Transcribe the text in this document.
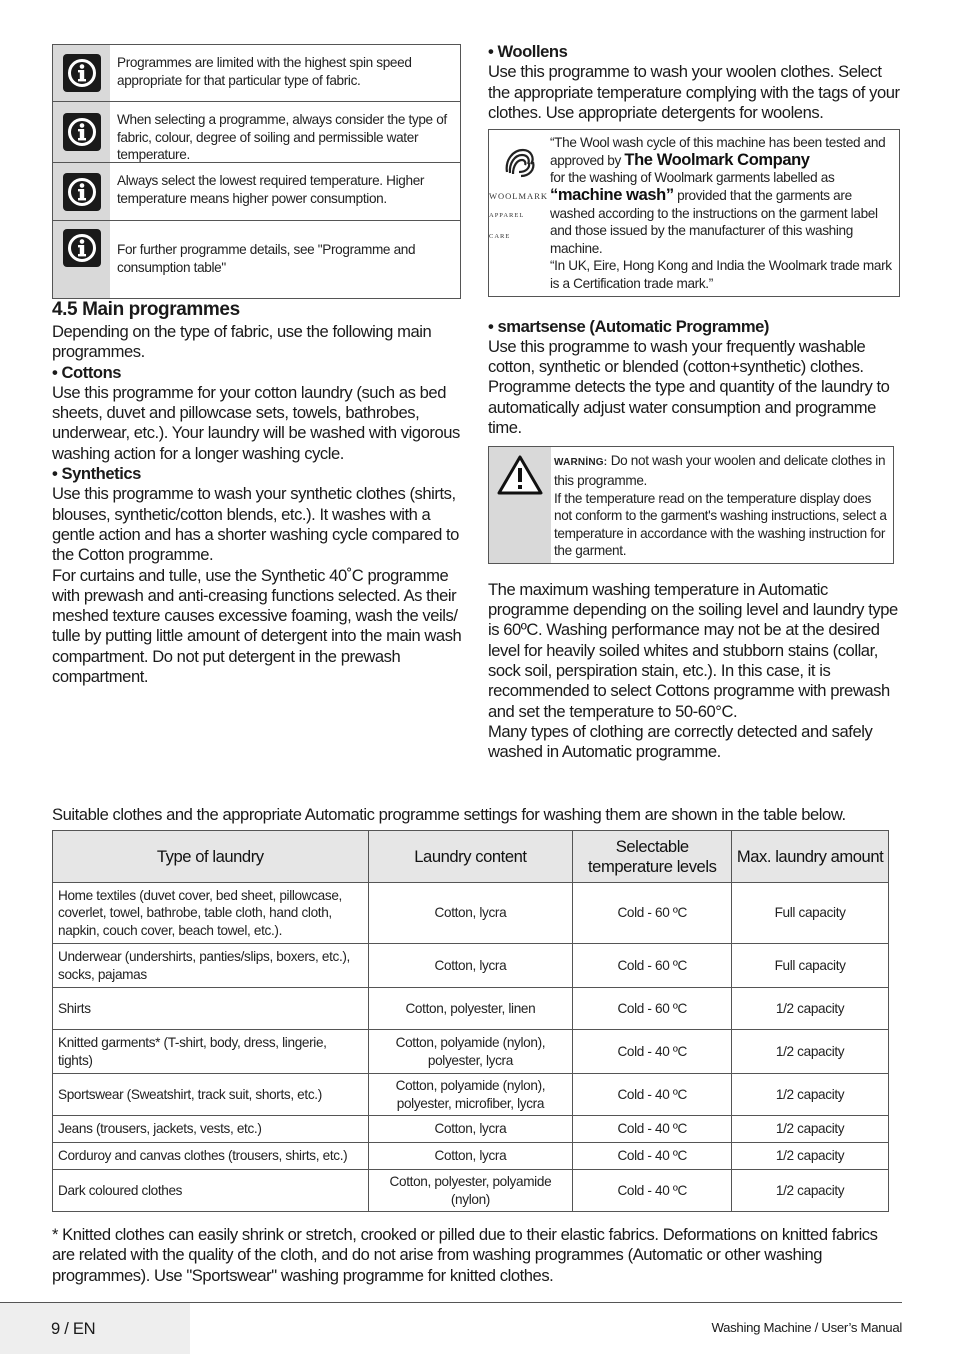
Programmes are limited with the highest spin speed appropriate for that particular type of fabric.
When selecting a programme, always consider the type of fabric, colour, degree of soiling and permissible water temperature.
Always select the lowest required temperature. Higher temperature means higher power consumption.
For further programme details, see "Programme and consumption table"
4.5 Main programmes

Depending on the type of fabric, use the following main programmes.

• Cottons

Use this programme for your cotton laundry (such as bed sheets, duvet and pillowcase sets, towels, bathrobes, underwear, etc.). Your laundry will be washed with vigorous washing action for a longer washing cycle.

• Synthetics

Use this programme to wash your synthetic clothes (shirts, blouses, synthetic/cotton blends, etc.). It washes with a gentle action and has a shorter washing cycle compared to the Cotton programme.

For curtains and tulle, use the Synthetic 40˚C programme with prewash and anti-creasing functions selected. As their meshed texture causes excessive foaming, wash the veils/ tulle by putting little amount of detergent into the main wash compartment. Do not put detergent in the prewash compartment.

• Woollens

Use this programme to wash your woolen clothes. Select the appropriate temperature complying with the tags of your clothes. Use appropriate detergents for woolens.

WOOLMARK
APPAREL CARE
“The Wool wash cycle of this machine has been tested and approved by The Woolmark Company
for the washing of Woolmark garments labelled as
“machine wash” provided that the garments are washed according to the instructions on the garment label and those issued by the manufacturer of this washing machine.
“In UK, Eire, Hong Kong and India the Woolmark trade mark is a Certification trade mark.”

• smartsense (Automatic Programme)

Use this programme to wash your frequently washable cotton, synthetic or blended (cotton+synthetic) clothes. Programme detects the type and quantity of the laundry to automatically adjust water consumption and programme time.

WARNİNG: Do not wash your woolen and delicate clothes in this programme.
If the temperature read on the temperature display does not conform to the garment's washing instructions, select a temperature in accordance with the washing instruction for the garment.

The maximum washing temperature in Automatic programme depending on the soiling level and laundry type is 60ºC. Washing performance may not be at the desired level for heavily soiled whites and stubborn stains (collar, sock soil, perspiration stain, etc.). In this case, it is recommended to select Cottons programme with prewash and set the temperature to 50-60°C.

Many types of clothing are correctly detected and safely washed in Automatic programme.

Suitable clothes and the appropriate Automatic programme settings for washing them are shown in the table below.
Type of laundry	Laundry content	Selectable temperature levels	Max. laundry amount
Home textiles (duvet cover, bed sheet, pillowcase, coverlet, towel, bathrobe, table cloth, hand cloth, napkin, couch cover, beach towel, etc.).	Cotton, lycra	Cold - 60 ºC	Full capacity
Underwear (undershirts, panties/slips, boxers, etc.), socks, pajamas	Cotton, lycra	Cold - 60 ºC	Full capacity
Shirts	Cotton, polyester, linen	Cold - 60 ºC	1/2 capacity
Knitted garments* (T-shirt, body, dress, lingerie, tights)	Cotton, polyamide (nylon), polyester, lycra	Cold - 40 ºC	1/2 capacity
Sportswear (Sweatshirt, track suit, shorts, etc.)	Cotton, polyamide (nylon), polyester, microfiber, lycra	Cold - 40 ºC	1/2 capacity
Jeans (trousers, jackets, vests, etc.)	Cotton, lycra	Cold - 40 ºC	1/2 capacity
Corduroy and canvas clothes (trousers, shirts, etc.)	Cotton, lycra	Cold - 40 ºC	1/2 capacity
Dark coloured clothes	Cotton, polyester, polyamide (nylon)	Cold - 40 ºC	1/2 capacity
* Knitted clothes can easily shrink or stretch, crooked or pilled due to their elastic fabrics. Deformations on knitted fabrics are related with the quality of the cloth, and do not arise from washing programmes (Automatic or other washing programmes). Use "Sportswear" washing programme for knitted clothes.
9 / EN	Washing Machine / User’s Manual
